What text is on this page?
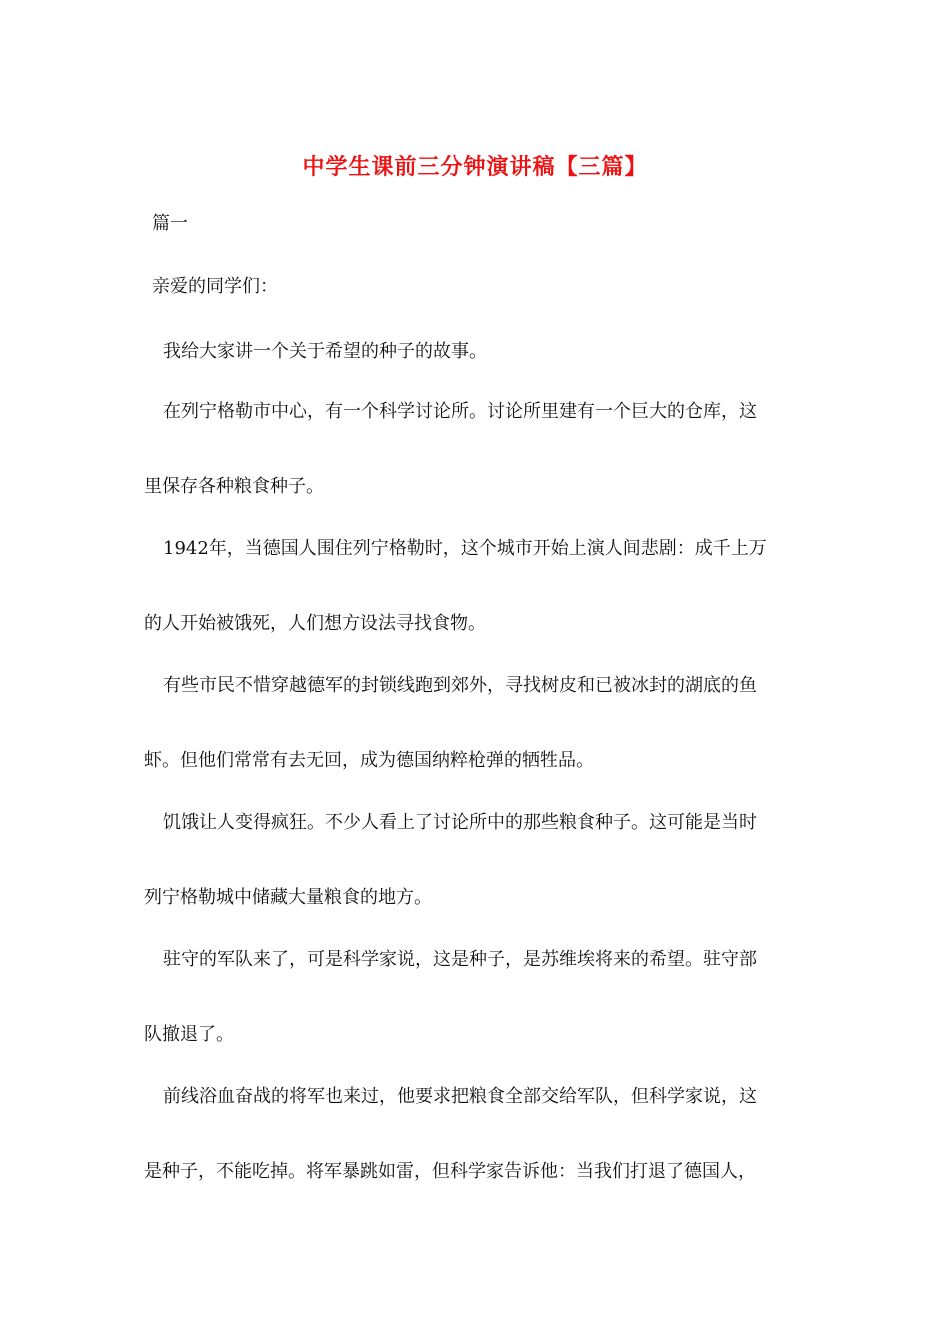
中学生课前三分钟演讲稿【三篇】
篇一
亲爱的同学们：
我给大家讲一个关于希望的种子的故事。
在列宁格勒市中心，有一个科学讨论所。讨论所里建有一个巨大的仓库，这
里保存各种粮食种子。
1942年，当德国人围住列宁格勒时，这个城市开始上演人间悲剧：成千上万
的人开始被饿死，人们想方设法寻找食物。
有些市民不惜穿越德军的封锁线跑到郊外，寻找树皮和已被冰封的湖底的鱼
虾。但他们常常有去无回，成为德国纳粹枪弹的牺牲品。
饥饿让人变得疯狂。不少人看上了讨论所中的那些粮食种子。这可能是当时
列宁格勒城中储藏大量粮食的地方。
驻守的军队来了，可是科学家说，这是种子，是苏维埃将来的希望。驻守部
队撤退了。
前线浴血奋战的将军也来过，他要求把粮食全部交给军队，但科学家说，这
是种子，不能吃掉。将军暴跳如雷，但科学家告诉他：当我们打退了德国人，
